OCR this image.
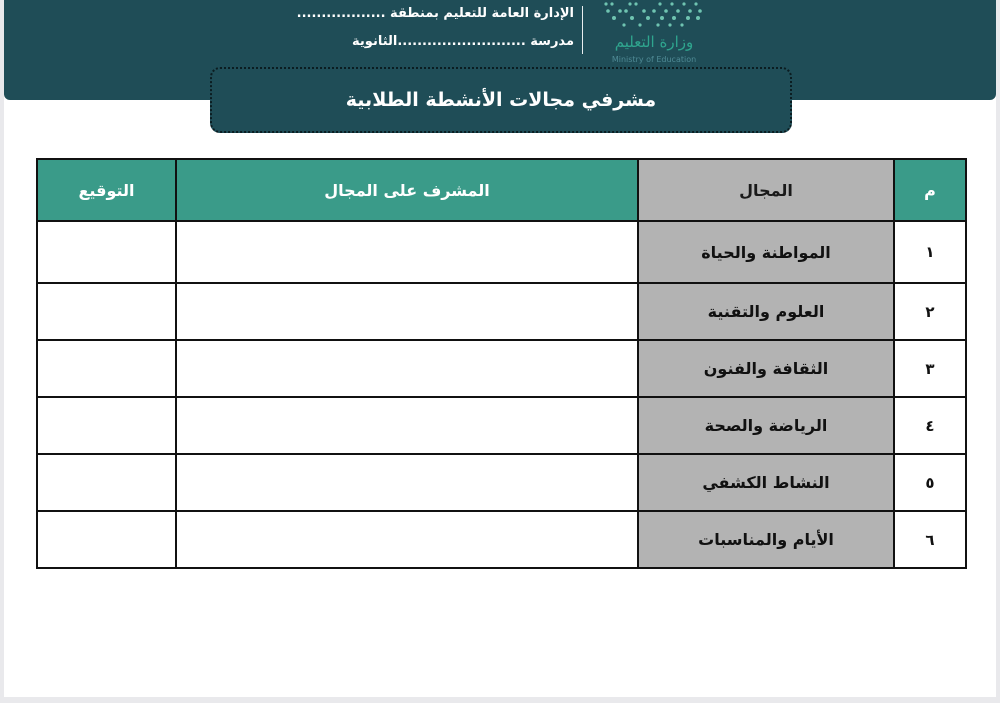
وزارة التعليم
Ministry of Education
الإدارة العامة للتعليم بمنطقة ..................
مدرسة ..........................الثانوية
مشرفي مجالات الأنشطة الطلابية
م	المجال	المشرف على المجال	التوقيع
١	المواطنة والحياة		
٢	العلوم والتقنية		
٣	الثقافة والفنون		
٤	الرياضة والصحة		
٥	النشاط الكشفي		
٦	الأيام والمناسبات		
